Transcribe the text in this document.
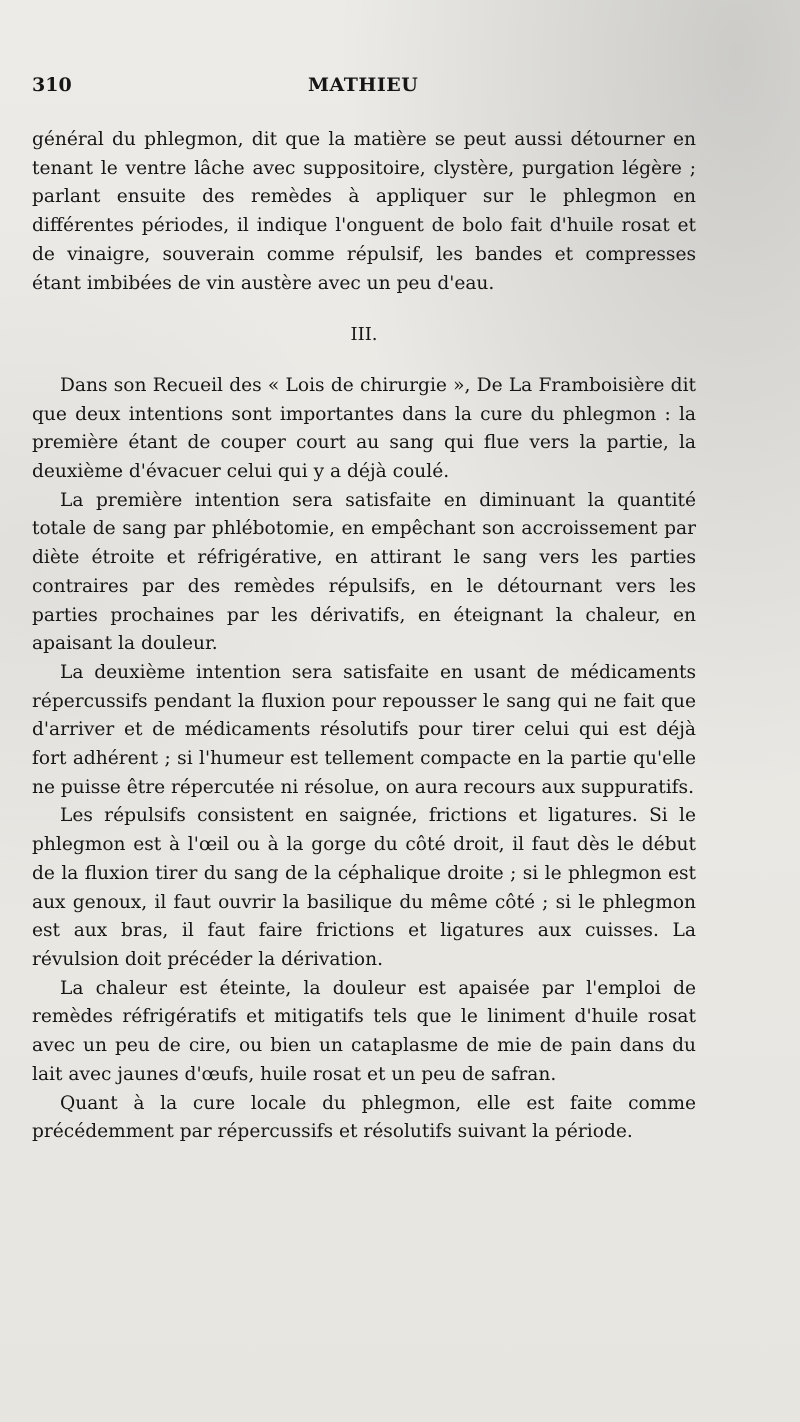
310	MATHIEU

général du phlegmon, dit que la matière se peut aussi détourner en tenant le ventre lâche avec suppositoire, clystère, purgation légère ; parlant ensuite des remèdes à appliquer sur le phlegmon en différentes périodes, il indique l'onguent de bolo fait d'huile rosat et de vinaigre, souverain comme répulsif, les bandes et compresses étant imbibées de vin austère avec un peu d'eau.

III.

Dans son Recueil des « Lois de chirurgie », De La Framboisière dit que deux intentions sont importantes dans la cure du phlegmon : la première étant de couper court au sang qui flue vers la partie, la deuxième d'évacuer celui qui y a déjà coulé.

La première intention sera satisfaite en diminuant la quantité totale de sang par phlébotomie, en empêchant son accroissement par diète étroite et réfrigérative, en attirant le sang vers les parties contraires par des remèdes répulsifs, en le détournant vers les parties prochaines par les dérivatifs, en éteignant la chaleur, en apaisant la douleur.

La deuxième intention sera satisfaite en usant de médicaments répercussifs pendant la fluxion pour repousser le sang qui ne fait que d'arriver et de médicaments résolutifs pour tirer celui qui est déjà fort adhérent ; si l'humeur est tellement compacte en la partie qu'elle ne puisse être répercutée ni résolue, on aura recours aux suppuratifs.

Les répulsifs consistent en saignée, frictions et ligatures. Si le phlegmon est à l'œil ou à la gorge du côté droit, il faut dès le début de la fluxion tirer du sang de la céphalique droite ; si le phlegmon est aux genoux, il faut ouvrir la basilique du même côté ; si le phlegmon est aux bras, il faut faire frictions et ligatures aux cuisses. La révulsion doit précéder la dérivation.

La chaleur est éteinte, la douleur est apaisée par l'emploi de remèdes réfrigératifs et mitigatifs tels que le liniment d'huile rosat avec un peu de cire, ou bien un cataplasme de mie de pain dans du lait avec jaunes d'œufs, huile rosat et un peu de safran.

Quant à la cure locale du phlegmon, elle est faite comme précédemment par répercussifs et résolutifs suivant la période.
